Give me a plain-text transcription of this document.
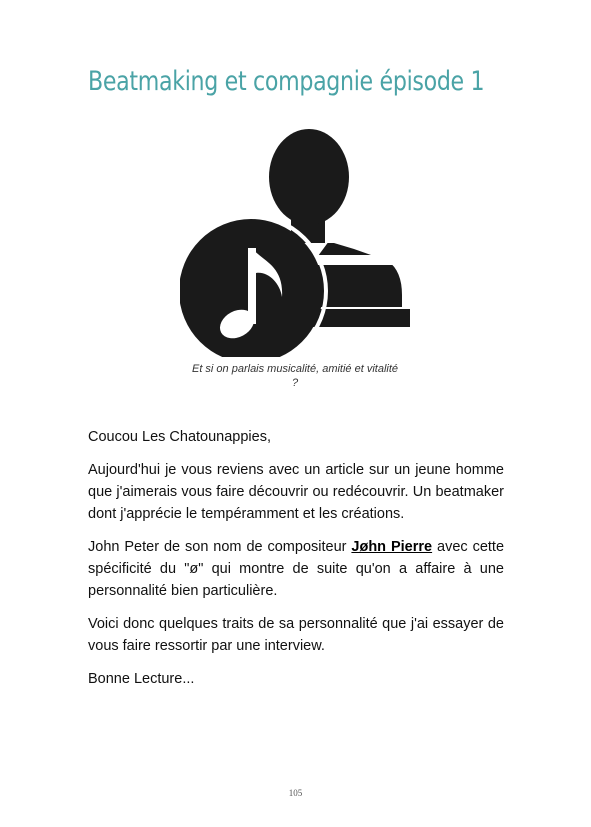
Beatmaking et compagnie épisode 1
Et si on parlais musicalité, amitié et vitalité ?

Coucou Les Chatounappies,

Aujourd'hui je vous reviens avec un article sur un jeune homme que j'aimerais vous faire découvrir ou redécouvrir. Un beatmaker dont j'apprécie le tempéramment et les créations.

John Peter de son nom de compositeur Jøhn Pierre avec cette spécificité du "ø" qui montre de suite qu'on a affaire à une personnalité bien particulière.

Voici donc quelques traits de sa personnalité que j'ai essayer de vous faire ressortir par une interview.

Bonne Lecture...

105
